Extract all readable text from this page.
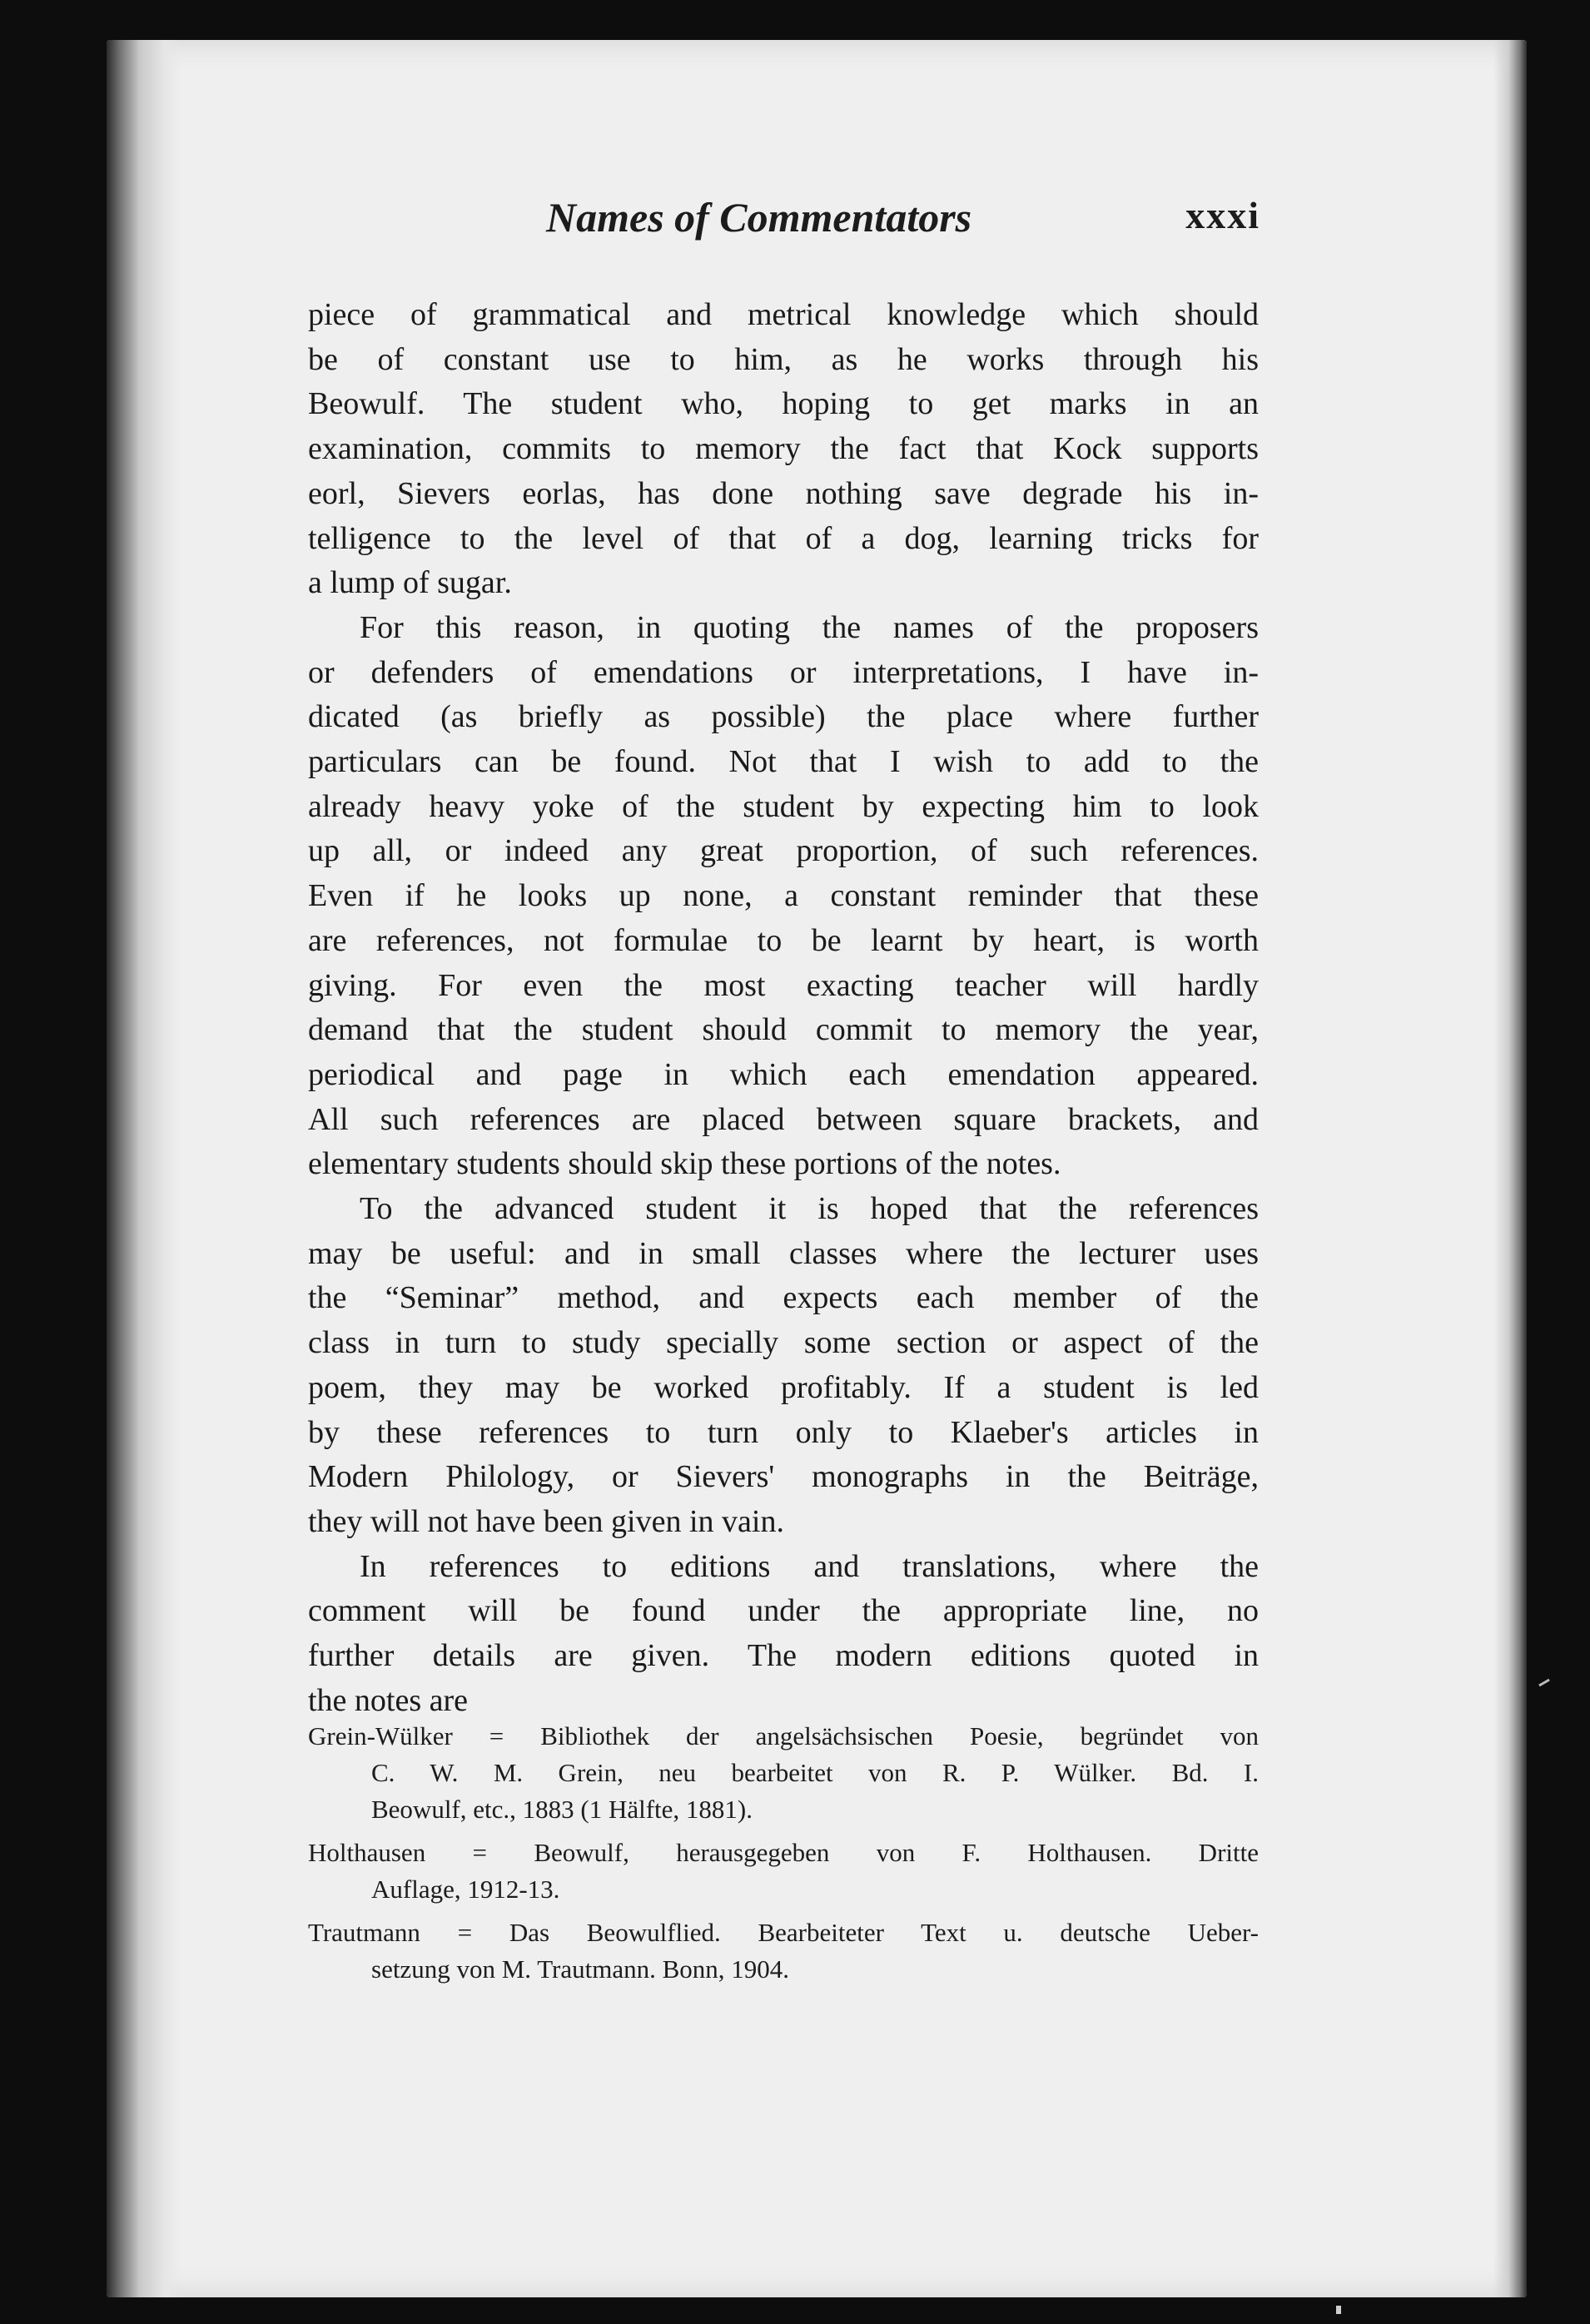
Names of Commentators	xxxi

piece of grammatical and metrical knowledge which should
be of constant use to him, as he works through his
Beowulf. The student who, hoping to get marks in an
examination, commits to memory the fact that Kock supports
eorl, Sievers eorlas, has done nothing save degrade his in-
telligence to the level of that of a dog, learning tricks for
a lump of sugar.

For this reason, in quoting the names of the proposers
or defenders of emendations or interpretations, I have in-
dicated (as briefly as possible) the place where further
particulars can be found. Not that I wish to add to the
already heavy yoke of the student by expecting him to look
up all, or indeed any great proportion, of such references.
Even if he looks up none, a constant reminder that these
are references, not formulae to be learnt by heart, is worth
giving. For even the most exacting teacher will hardly
demand that the student should commit to memory the year,
periodical and page in which each emendation appeared.
All such references are placed between square brackets, and
elementary students should skip these portions of the notes.

To the advanced student it is hoped that the references
may be useful: and in small classes where the lecturer uses
the “Seminar” method, and expects each member of the
class in turn to study specially some section or aspect of the
poem, they may be worked profitably. If a student is led
by these references to turn only to Klaeber's articles in
Modern Philology, or Sievers' monographs in the Beiträge,
they will not have been given in vain.

In references to editions and translations, where the
comment will be found under the appropriate line, no
further details are given. The modern editions quoted in
the notes are

Grein-Wülker = Bibliothek der angelsächsischen Poesie, begründet von
C. W. M. Grein, neu bearbeitet von R. P. Wülker. Bd. I.
Beowulf, etc., 1883 (1 Hälfte, 1881).

Holthausen = Beowulf, herausgegeben von F. Holthausen. Dritte
Auflage, 1912-13.

Trautmann = Das Beowulflied. Bearbeiteter Text u. deutsche Ueber-
setzung von M. Trautmann. Bonn, 1904.
